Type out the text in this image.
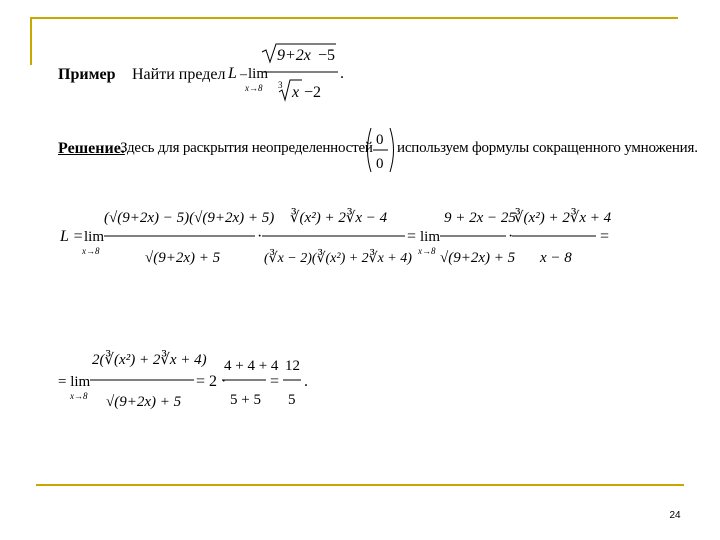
Пример Найти предел L – lim
x→8
9+2x −5
3 x −2
.
0
0
L = lim
x→8
(√(9+2x) − 5)(√(9+2x) + 5)
√(9+2x) + 5
·
∛(x²) + 2∛x − 4
(∛x − 2)(∛(x²) + 2∛x + 4)
= lim
x→8
9 + 2x − 25
√(9+2x) + 5
·
∛(x²) + 2∛x + 4
x − 8
=
= lim
x→8
2(∛(x²) + 2∛x + 4)
√(9+2x) + 5
= 2 ·
4 + 4 + 4
5 + 5
=
12
5
.
Решение.
Здесь для раскрытия неопределенностей используем формулы сокращенного умножения.
24
